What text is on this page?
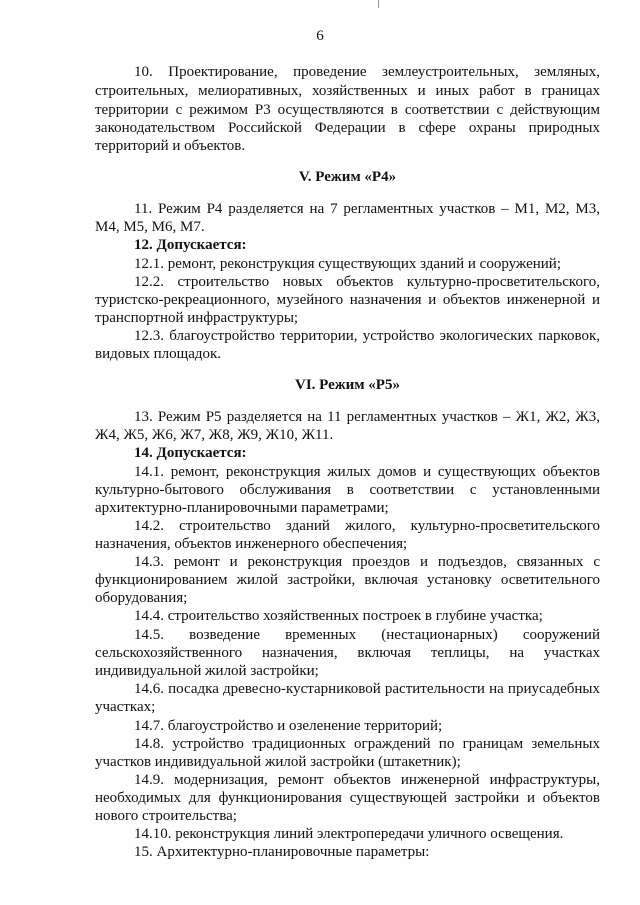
6

10. Проектирование, проведение землеустроительных, земляных,

строительных, мелиоративных, хозяйственных и иных работ в границах

территории с режимом Р3 осуществляются в соответствии с действующим

законодательством Российской Федерации в сфере охраны природных

территорий и объектов.

V. Режим «Р4»

11. Режим Р4 разделяется на 7 регламентных участков – М1, М2, М3,

М4, М5, М6, М7.

12. Допускается:

12.1. ремонт, реконструкция существующих зданий и сооружений;

12.2. строительство новых объектов культурно-просветительского,

туристско-рекреационного, музейного назначения и объектов инженерной и

транспортной инфраструктуры;

12.3. благоустройство территории, устройство экологических парковок,

видовых площадок.

VI. Режим «Р5»

13. Режим Р5 разделяется на 11 регламентных участков – Ж1, Ж2, Ж3,

Ж4, Ж5, Ж6, Ж7, Ж8, Ж9, Ж10, Ж11.

14. Допускается:

14.1. ремонт, реконструкция жилых домов и существующих объектов

культурно-бытового обслуживания в соответствии с установленными

архитектурно-планировочными параметрами;

14.2. строительство зданий жилого, культурно-просветительского

назначения, объектов инженерного обеспечения;

14.3. ремонт и реконструкция проездов и подъездов, связанных с

функционированием жилой застройки, включая установку осветительного

оборудования;

14.4. строительство хозяйственных построек в глубине участка;

14.5. возведение временных (нестационарных) сооружений

сельскохозяйственного назначения, включая теплицы, на участках

индивидуальной жилой застройки;

14.6. посадка древесно-кустарниковой растительности на приусадебных

участках;

14.7. благоустройство и озеленение территорий;

14.8. устройство традиционных ограждений по границам земельных

участков индивидуальной жилой застройки (штакетник);

14.9. модернизация, ремонт объектов инженерной инфраструктуры,

необходимых для функционирования существующей застройки и объектов

нового строительства;

14.10. реконструкция линий электропередачи уличного освещения.

15. Архитектурно-планировочные параметры:
